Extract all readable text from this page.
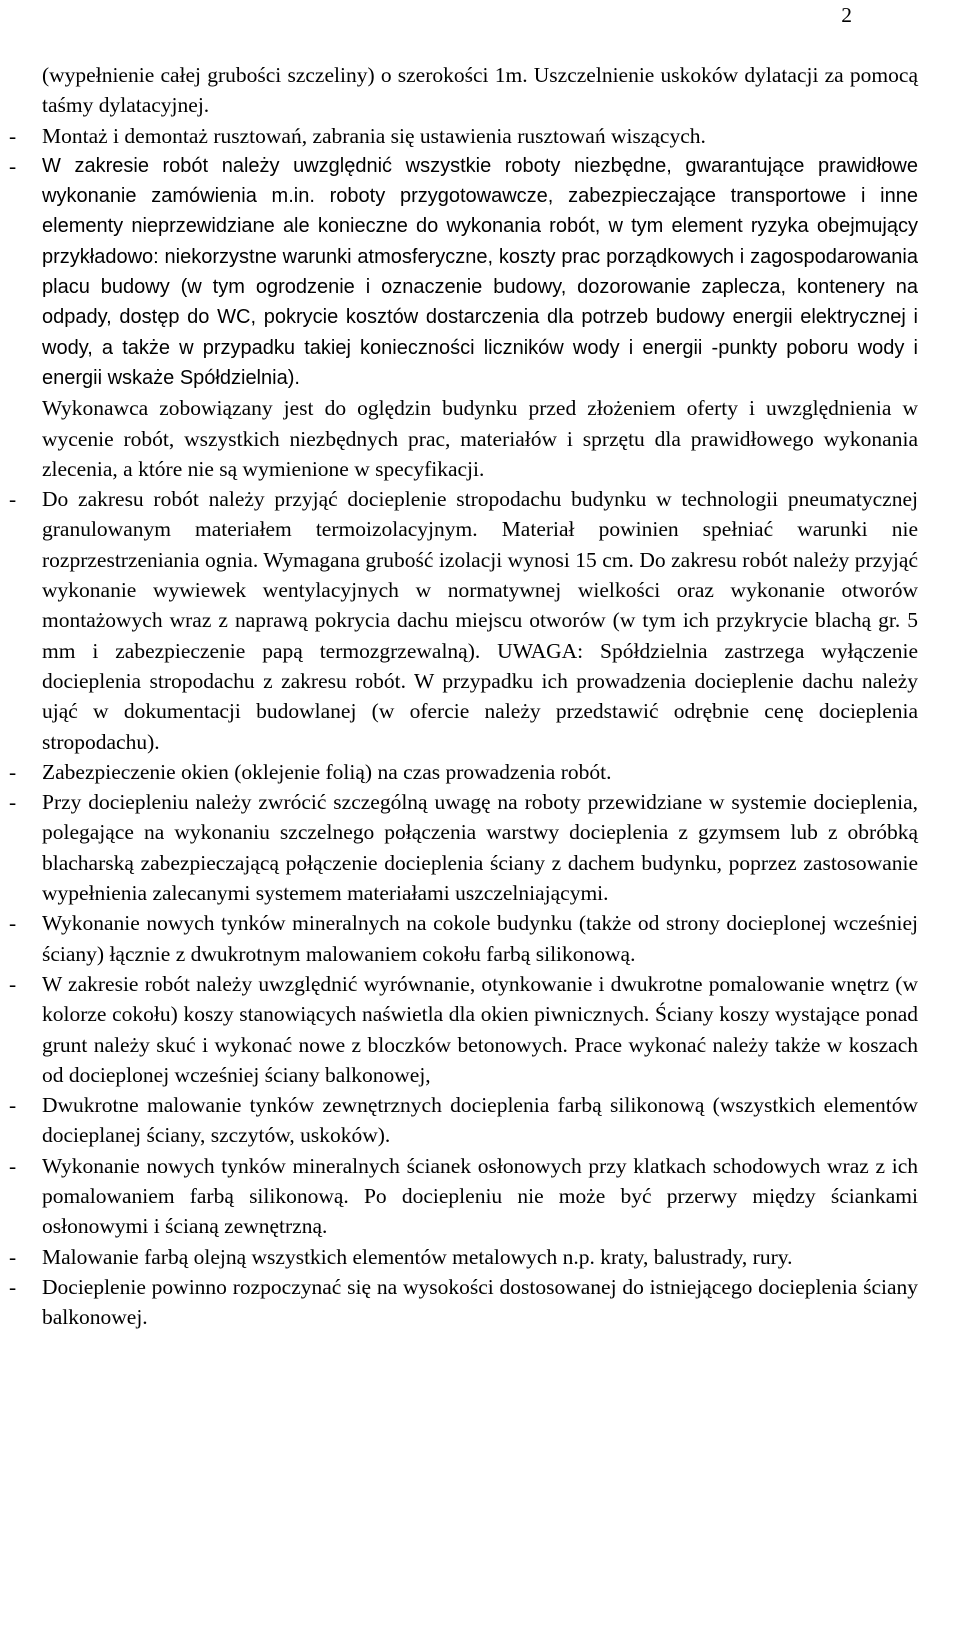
2
(wypełnienie całej grubości szczeliny) o szerokości 1m. Uszczelnienie uskoków dylatacji za pomocą taśmy dylatacyjnej.
-	Montaż i demontaż rusztowań, zabrania się ustawienia rusztowań wiszących.
-	W zakresie robót należy uwzględnić wszystkie roboty niezbędne, gwarantujące prawidłowe wykonanie zamówienia m.in. roboty przygotowawcze, zabezpieczające transportowe i inne elementy nieprzewidziane ale konieczne do wykonania robót, w tym element ryzyka obejmujący przykładowo: niekorzystne warunki atmosferyczne, koszty prac porządkowych i zagospodarowania placu budowy (w tym ogrodzenie i oznaczenie budowy, dozorowanie zaplecza, kontenery na odpady, dostęp do WC, pokrycie kosztów dostarczenia dla potrzeb budowy energii elektrycznej i wody, a także w przypadku takiej konieczności liczników wody i energii -punkty poboru wody i energii wskaże Spółdzielnia).

Wykonawca zobowiązany jest do oględzin budynku przed złożeniem oferty i uwzględnienia w wycenie robót, wszystkich niezbędnych prac, materiałów i sprzętu dla prawidłowego wykonania zlecenia, a które nie są wymienione w specyfikacji.

-	Do zakresu robót należy przyjąć docieplenie stropodachu budynku w technologii pneumatycznej granulowanym materiałem termoizolacyjnym. Materiał powinien spełniać warunki nie rozprzestrzeniania ognia. Wymagana grubość izolacji wynosi 15 cm. Do zakresu robót należy przyjąć wykonanie wywiewek wentylacyjnych w normatywnej wielkości oraz wykonanie otworów montażowych wraz z naprawą pokrycia dachu miejscu otworów (w tym ich przykrycie blachą gr. 5 mm i zabezpieczenie papą termozgrzewalną). UWAGA: Spółdzielnia zastrzega wyłączenie docieplenia stropodachu z zakresu robót. W przypadku ich prowadzenia docieplenie dachu należy ująć w dokumentacji budowlanej (w ofercie należy przedstawić odrębnie cenę docieplenia stropodachu).
-	Zabezpieczenie okien (oklejenie folią) na czas prowadzenia robót.
-	Przy dociepleniu należy zwrócić szczególną uwagę na roboty przewidziane w systemie docieplenia, polegające na wykonaniu szczelnego połączenia warstwy docieplenia z gzymsem lub z obróbką blacharską zabezpieczającą połączenie docieplenia ściany z dachem budynku, poprzez zastosowanie wypełnienia zalecanymi systemem materiałami uszczelniającymi.
-	Wykonanie nowych tynków mineralnych na cokole budynku (także od strony docieplonej wcześniej ściany) łącznie z dwukrotnym malowaniem cokołu farbą silikonową.
-	W zakresie robót należy uwzględnić wyrównanie, otynkowanie i dwukrotne pomalowanie wnętrz (w kolorze cokołu) koszy stanowiących naświetla dla okien piwnicznych. Ściany koszy wystające ponad grunt należy skuć i wykonać nowe z bloczków betonowych. Prace wykonać należy także w koszach od docieplonej wcześniej ściany balkonowej,
-	Dwukrotne malowanie tynków zewnętrznych docieplenia farbą silikonową (wszystkich elementów docieplanej ściany, szczytów, uskoków).
-	Wykonanie nowych tynków mineralnych ścianek osłonowych przy klatkach schodowych wraz z ich pomalowaniem farbą silikonową. Po dociepleniu nie może być przerwy między ściankami osłonowymi i ścianą zewnętrzną.
-	Malowanie farbą olejną wszystkich elementów metalowych n.p. kraty, balustrady, rury.
-	Docieplenie powinno rozpoczynać się na wysokości dostosowanej do istniejącego docieplenia ściany balkonowej.
